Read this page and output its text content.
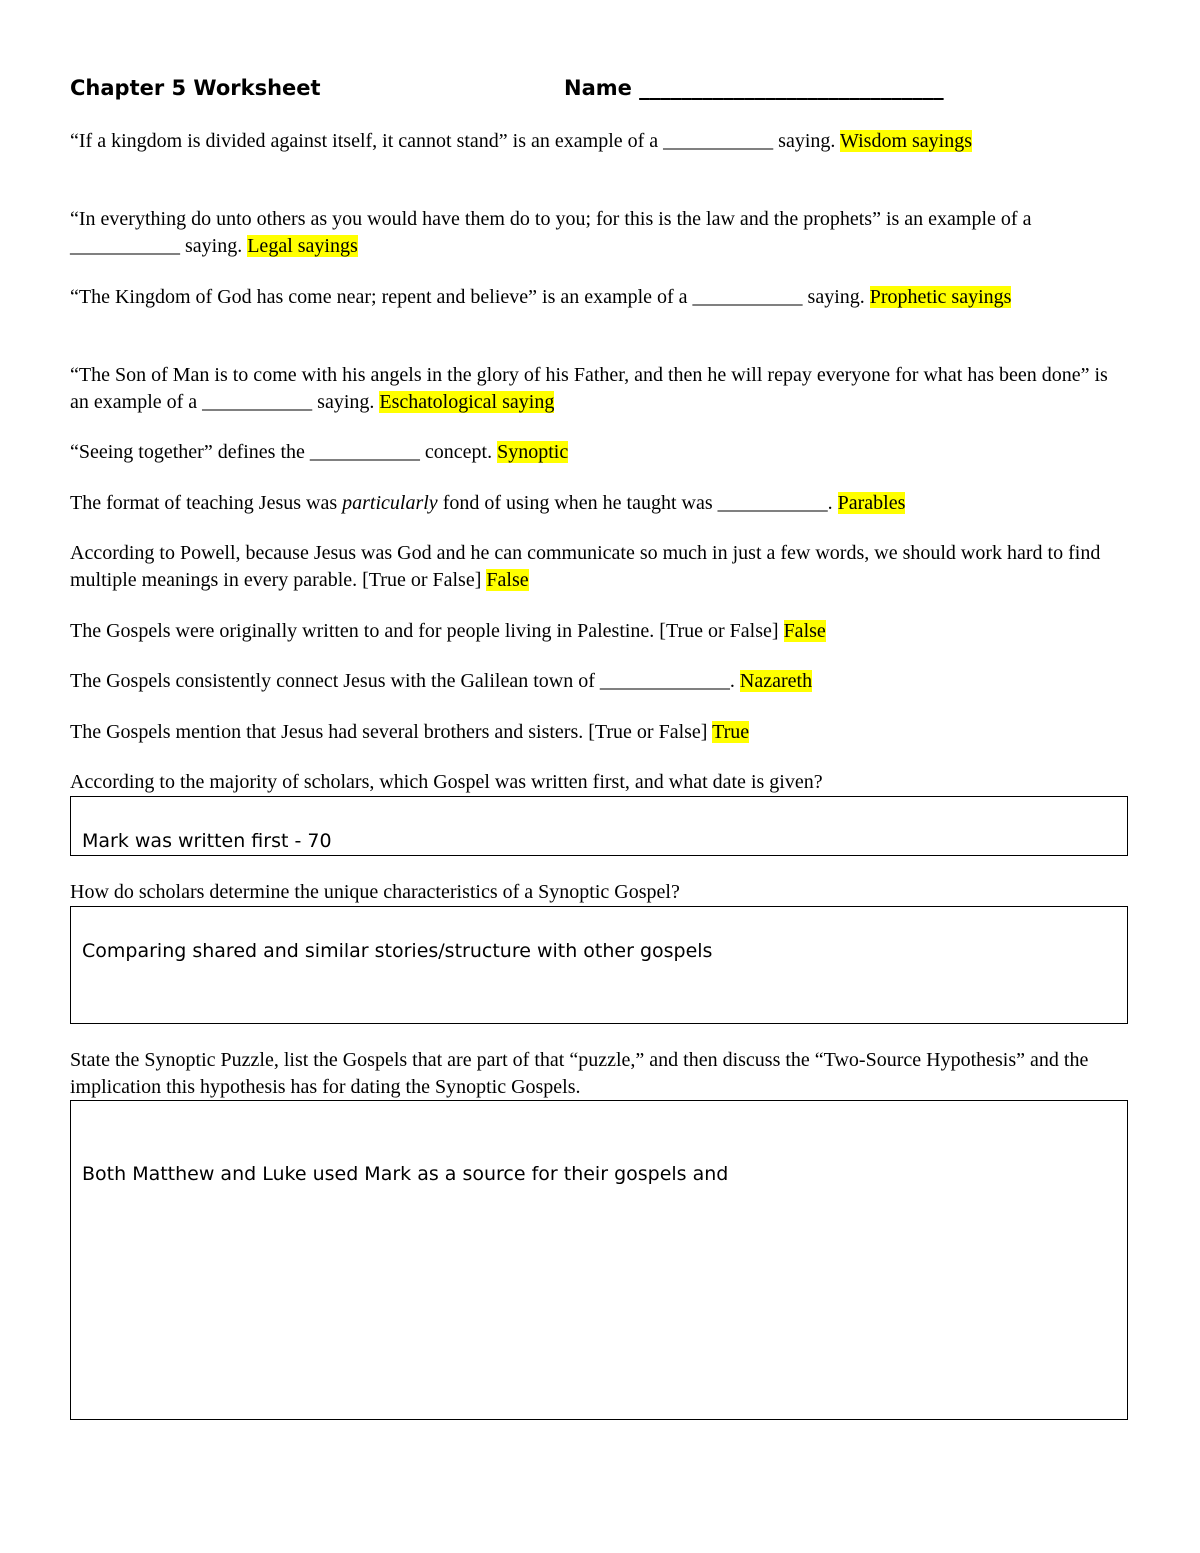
Chapter 5 Worksheet	Name _____________________________

“If a kingdom is divided against itself, it cannot stand” is an example of a ___________ saying. Wisdom sayings

“In everything do unto others as you would have them do to you; for this is the law and the prophets” is an example of a ___________ saying. Legal sayings

“The Kingdom of God has come near; repent and believe” is an example of a ___________ saying. Prophetic sayings

“The Son of Man is to come with his angels in the glory of his Father, and then he will repay everyone for what has been done” is an example of a ___________ saying. Eschatological saying

“Seeing together” defines the ___________ concept. Synoptic

The format of teaching Jesus was particularly fond of using when he taught was ___________. Parables

According to Powell, because Jesus was God and he can communicate so much in just a few words, we should work hard to find multiple meanings in every parable. [True or False] False

The Gospels were originally written to and for people living in Palestine. [True or False] False

The Gospels consistently connect Jesus with the Galilean town of _____________. Nazareth

The Gospels mention that Jesus had several brothers and sisters. [True or False] True

According to the majority of scholars, which Gospel was written first, and what date is given?

Mark was written first - 70

How do scholars determine the unique characteristics of a Synoptic Gospel?

Comparing shared and similar stories/structure with other gospels

State the Synoptic Puzzle, list the Gospels that are part of that “puzzle,” and then discuss the “Two-Source Hypothesis” and the implication this hypothesis has for dating the Synoptic Gospels.

Both Matthew and Luke used Mark as a source for their gospels and
